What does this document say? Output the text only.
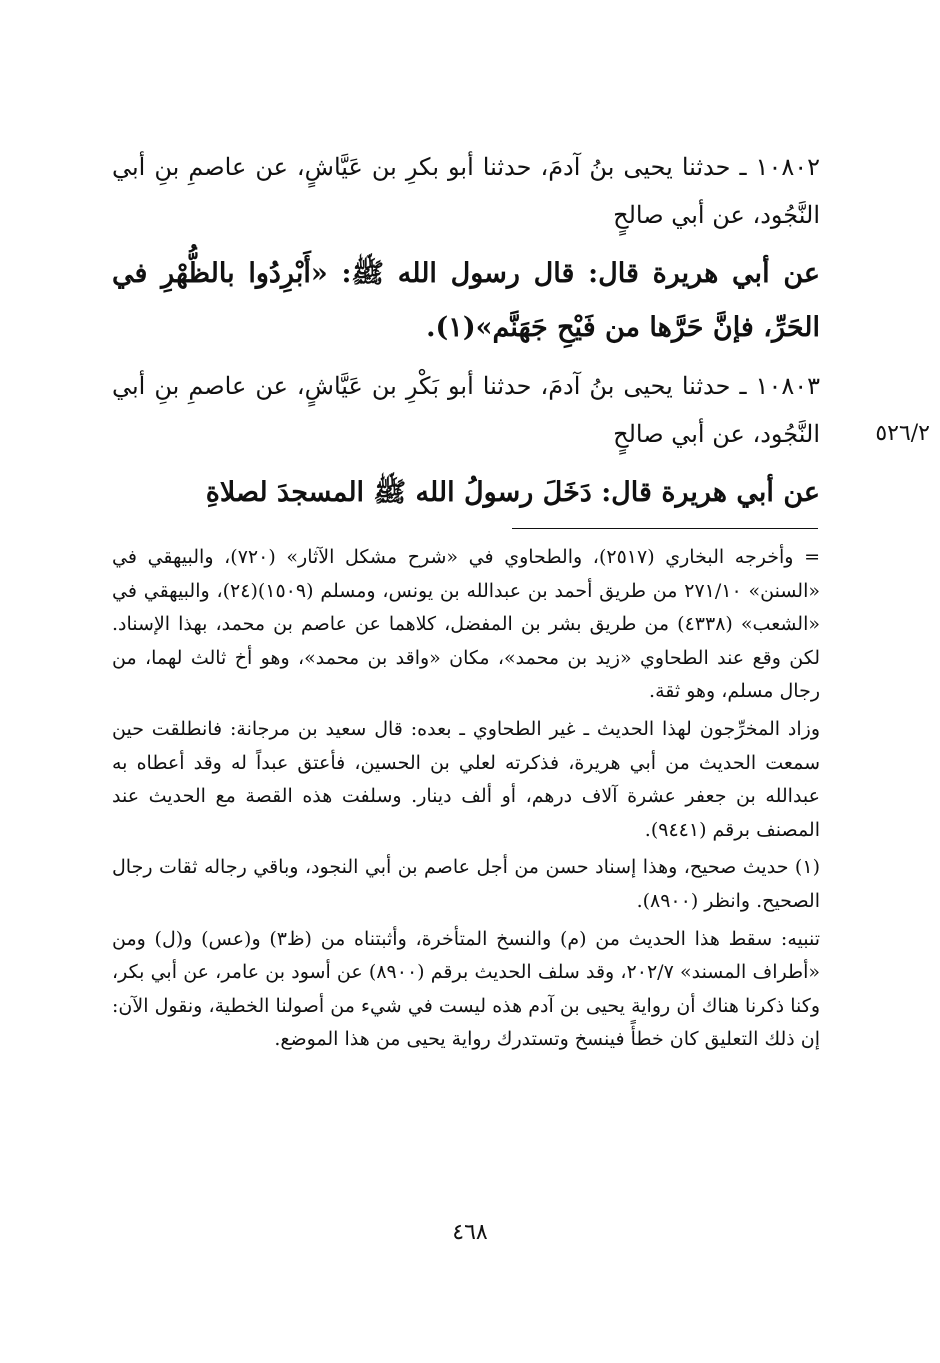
١٠٨٠٢ ـ حدثنا يحيى بنُ آدمَ، حدثنا أبو بكرِ بن عَيَّاشٍ، عن عاصمِ بنِ أبي النَّجُود، عن أبي صالحٍ

عن أبي هريرة قال: قال رسول الله ﷺ: «أَبْرِدُوا بالظُّهْرِ في الحَرِّ، فإنَّ حَرَّها من فَيْحِ جَهَنَّم»(١).

١٠٨٠٣ ـ حدثنا يحيى بنُ آدمَ، حدثنا أبو بَكْرِ بن عَيَّاشٍ، عن عاصمِ بنِ أبي النَّجُود، عن أبي صالحٍ

عن أبي هريرة قال: دَخَلَ رسولُ الله ﷺ المسجدَ لصلاةِ

٥٢٦/٢

= وأخرجه البخاري (٢٥١٧)، والطحاوي في «شرح مشكل الآثار» (٧٢٠)، والبيهقي في «السنن» ٢٧١/١٠ من طريق أحمد بن عبدالله بن يونس، ومسلم (١٥٠٩)(٢٤)، والبيهقي في «الشعب» (٤٣٣٨) من طريق بشر بن المفضل، كلاهما عن عاصم بن محمد، بهذا الإسناد. لكن وقع عند الطحاوي «زيد بن محمد»، مكان «واقد بن محمد»، وهو أخ ثالث لهما، من رجال مسلم، وهو ثقة.

وزاد المخرِّجون لهذا الحديث ـ غير الطحاوي ـ بعده: قال سعيد بن مرجانة: فانطلقت حين سمعت الحديث من أبي هريرة، فذكرته لعلي بن الحسين، فأعتق عبداً له وقد أعطاه به عبدالله بن جعفر عشرة آلاف درهم، أو ألف دينار. وسلفت هذه القصة مع الحديث عند المصنف برقم (٩٤٤١).

(١) حديث صحيح، وهذا إسناد حسن من أجل عاصم بن أبي النجود، وباقي رجاله ثقات رجال الصحيح. وانظر (٨٩٠٠).

تنبيه: سقط هذا الحديث من (م) والنسخ المتأخرة، وأثبتناه من (ظ٣) و(عس) و(ل) ومن «أطراف المسند» ٢٠٢/٧، وقد سلف الحديث برقم (٨٩٠٠) عن أسود بن عامر، عن أبي بكر، وكنا ذكرنا هناك أن رواية يحيى بن آدم هذه ليست في شيء من أصولنا الخطية، ونقول الآن: إن ذلك التعليق كان خطأً فينسخ وتستدرك رواية يحيى من هذا الموضع.

٤٦٨
